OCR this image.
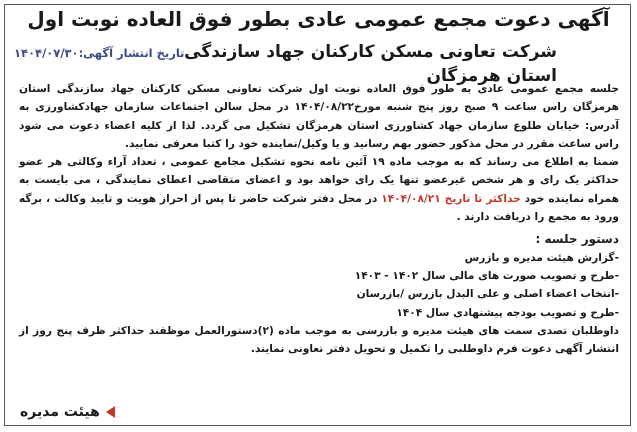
آگهی دعوت مجمع عمومی عادی بطور فوق العاده نوبت اول
شرکت تعاونی مسکن کارکنان جهاد سازندگی استان هرمزگان
تاریخ انتشار آگهی:۱۴۰۴/۰۷/۳۰

جلسه مجمع عمومی عادی به طور فوق العاده نوبت اول شرکت تعاونی مسکن کارکنان جهاد سازندگی استان هرمزگان راس ساعت ۹ صبح روز پنج شنبه مورخ۱۴۰۴/۰۸/۲۲ در محل سالن اجتماعات سازمان جهادکشاورزی به آدرس: خیابان طلوع سازمان جهاد کشاورزی استان هرمزگان تشکیل می گردد. لذا از کلیه اعضاء دعوت می شود راس ساعت مقرر در محل مذکور حضور بهم رسانید و یا وکیل/نماینده خود را کتبا معرفی نمایید.

ضمنا به اطلاع می رساند که به موجب ماده ۱۹ آئین نامه نحوه تشکیل مجامع عمومی ، تعداد آراء وکالتی هر عضو حداکثر یک رای و هر شخص غیرعضو تنها یک رای خواهد بود و اعضای متقاضی اعطای نمایندگی ، می بایست به همراه نماینده خود حداکثر تا تاریخ ۱۴۰۴/۰۸/۲۱ در محل دفتر شرکت حاضر تا پس از احراز هویت و تایید وکالت ، برگه ورود به مجمع را دریافت دارند .

دستور جلسه :

-گزارش هیئت مدیره و بازرس

-طرح و تصویب صورت های مالی سال ۱۴۰۲ - ۱۴۰۳

-انتخاب اعضاء اصلی و علی البدل بازرس /بازرسان

-طرح و تصویب بودجه پیشنهادی سال ۱۴۰۴

داوطلبان تصدی سمت های هیئت مدیره و بازرسی به موجب ماده (۲)دستورالعمل موظفند حداکثر ظرف پنج روز از انتشار آگهی دعوت فرم داوطلبی را تکمیل و تحویل دفتر تعاونی نمایند.

هیئت مدیره
